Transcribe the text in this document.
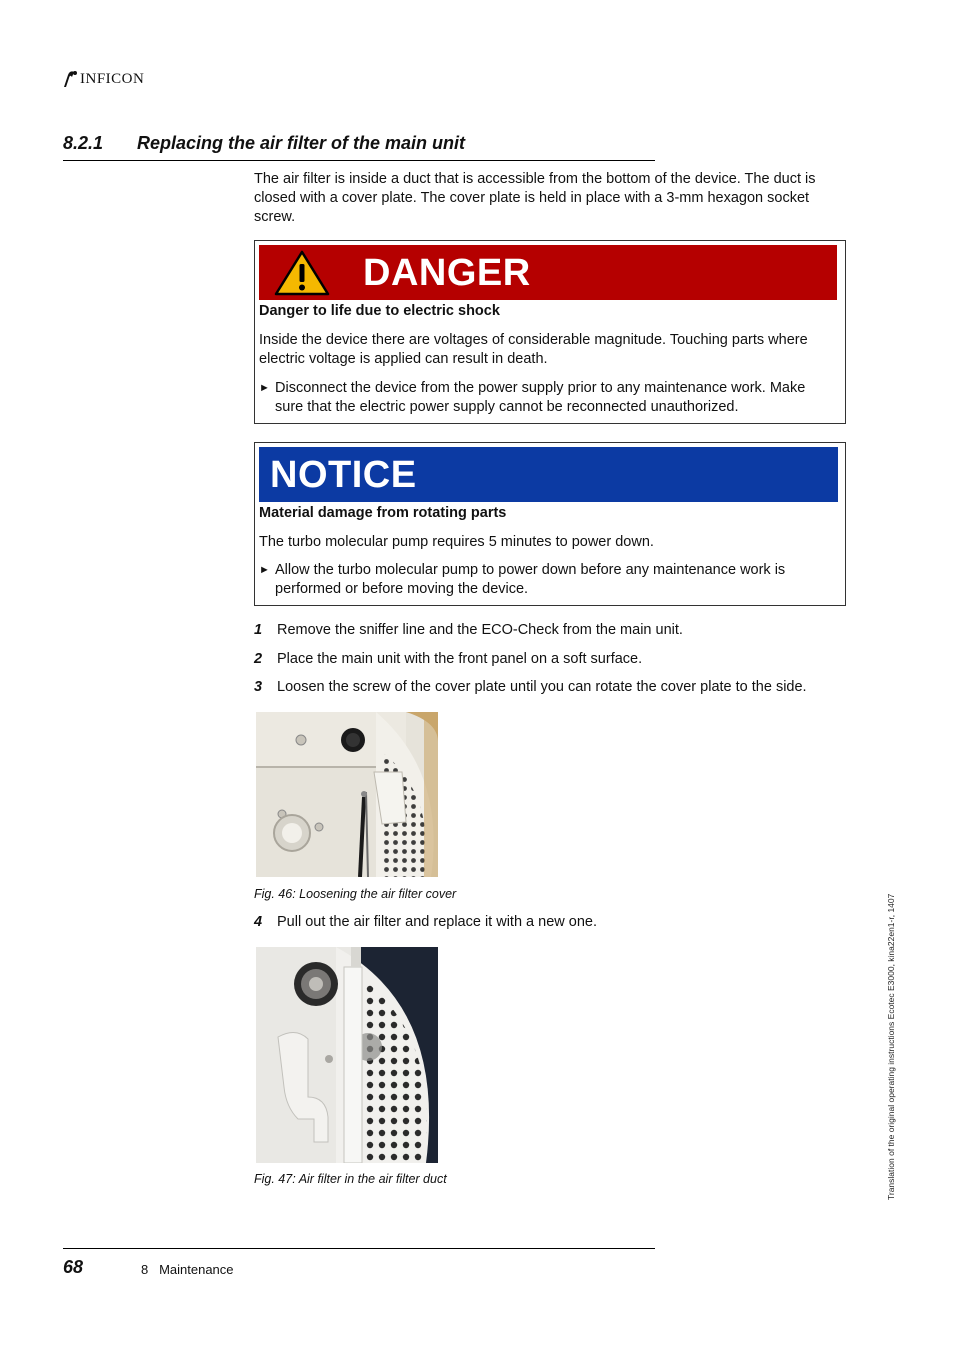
INFICON
8.2.1 Replacing the air filter of the main unit
The air filter is inside a duct that is accessible from the bottom of the device. The duct is closed with a cover plate. The cover plate is held in place with a 3-mm hexagon socket screw.
DANGER
Danger to life due to electric shock
Inside the device there are voltages of considerable magnitude. Touching parts where electric voltage is applied can result in death.
► Disconnect the device from the power supply prior to any maintenance work. Make sure that the electric power supply cannot be reconnected unauthorized.
NOTICE
Material damage from rotating parts
The turbo molecular pump requires 5 minutes to power down.
► Allow the turbo molecular pump to power down before any maintenance work is performed or before moving the device.
1 Remove the sniffer line and the ECO-Check from the main unit.
2 Place the main unit with the front panel on a soft surface.
3 Loosen the screw of the cover plate until you can rotate the cover plate to the side.
Fig. 46: Loosening the air filter cover
4 Pull out the air filter and replace it with a new one.
Fig. 47: Air filter in the air filter duct	Translation of the original operating instructions Ecotec E3000, kina22en1-r, 1407
68	8   Maintenance
